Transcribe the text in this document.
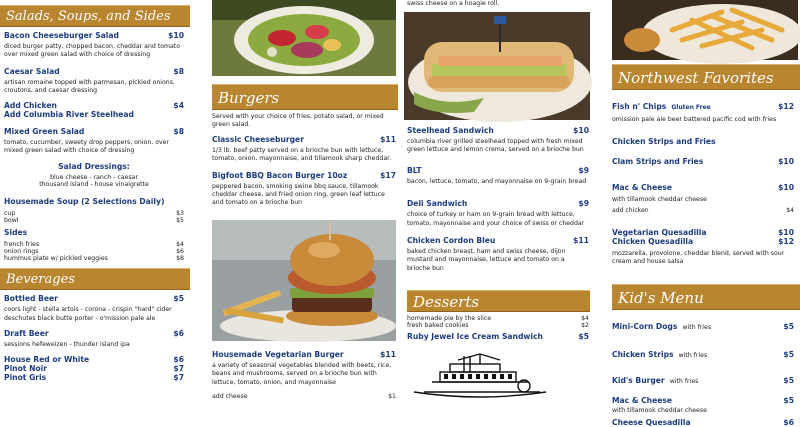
Salads, Soups, and Sides
Bacon Cheeseburger Salad	$10
diced burger patty, chopped bacon, cheddar and tomato over mixed green salad with choice of dressing
Caesar Salad	$8
artisan romaine topped with parmesan, pickled onions, croutons, and caesar dressing
Add Chicken	$4
Add Columbia River Steelhead
Mixed Green Salad	$8
tomato, cucumber, sweety drop peppers, onion, over mixed green salad with choice of dressing
Salad Dressings:
blue cheese - ranch - caesar
thousand island - house vinaigrette
Housemade Soup (2 Selections Daily)
cup	$3
bowl	$5
Sides
french fries	$4
onion rings	$6
hummus plate w/ pickled veggies	$8
Beverages
Bottled Beer	$5
coors light - stella artois - corona - crispin "hard" cider deschutes black butte porter - o'mission pale ale
Draft Beer	$6
sessions hefeweizen - thunder island ipa
House Red or White	$6
Pinot Noir	$7
Pinot Gris	$7
Burgers
Served with your choice of fries, potato salad, or mixed green salad.
Classic Cheeseburger	$11
1/3 lb. beef patty served on a brioche bun with lettuce, tomato, onion, mayonnaise, and tillamook sharp cheddar.
Bigfoot BBQ Bacon Burger 10oz	$17
peppered bacon, smoking swine bbq sauce, tillamook cheddar cheese, and fried onion ring, green leaf lettuce and tomato on a brioche bun
Housemade Vegetarian Burger	$11
a variety of seasonal vegetables blended with beets, rice, beans and mushrooms, served on a brioche bun with lettuce, tomato, onion, and mayonnaise
add cheese	$1
swiss cheese on a hoagie roll.
Steelhead Sandwich	$10
columbia river grilled steelhead topped with fresh mixed green lettuce and lemon crema, served on a brioche bun
BLT	$9
bacon, lettuce, tomato, and mayonnaise on 9-grain bread
Deli Sandwich	$9
choice of turkey or ham on 9-grain bread with lettuce, tomato, mayonnaise and your choice of swiss or cheddar
Chicken Cordon Bleu	$11
baked chicken breast, ham and swiss cheese, dijon mustard and mayonnaise, lettuce and tomato on a brioche bun
Desserts
homemade pie by the slice	$4
fresh baked cookies	$2
Ruby Jewel Ice Cream Sandwich	$5
Northwest Favorites
Fish n' Chips Gluten Free	$12
omission pale ale beer battered pacific cod with fries
Chicken Strips and Fries
Clam Strips and Fries	$10
Mac & Cheese	$10
with tillamook cheddar cheese
add chicken	$4
Vegetarian Quesadilla	$10
Chicken Quesadilla	$12
mozzarella, provolone, cheddar blend, served with sour cream and house salsa
Kid's Menu
Mini-Corn Dogs with fries	$5
Chicken Strips with fries	$5
Kid's Burger with fries	$5
Mac & Cheese	$5
with tillamook cheddar cheese
Cheese Quesadilla	$6
